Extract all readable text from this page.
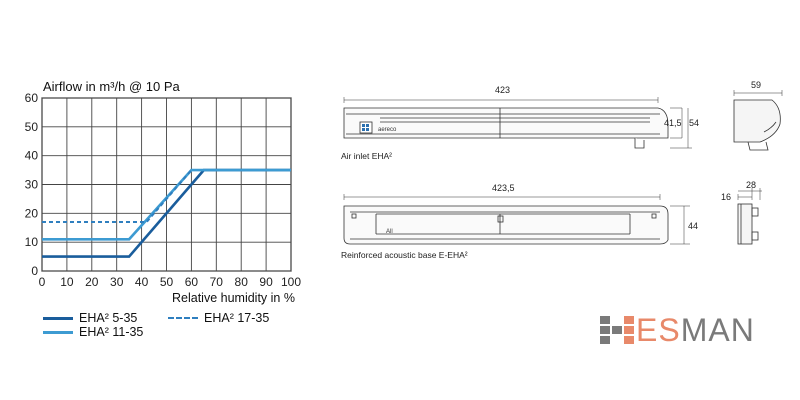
0 10 20 30 40 50 60 70 80 90 100
0
10
20
30
40
50
60
Airflow in m³/h @ 10 Pa
Relative humidity in %
EHA² 5-35
EHA² 11-35
EHA² 17-35
423
41,5 54
aereco
59
423,5
44
All
16
28
Air inlet EHA²
Reinforced acoustic base E-EHA²
E S MAN
